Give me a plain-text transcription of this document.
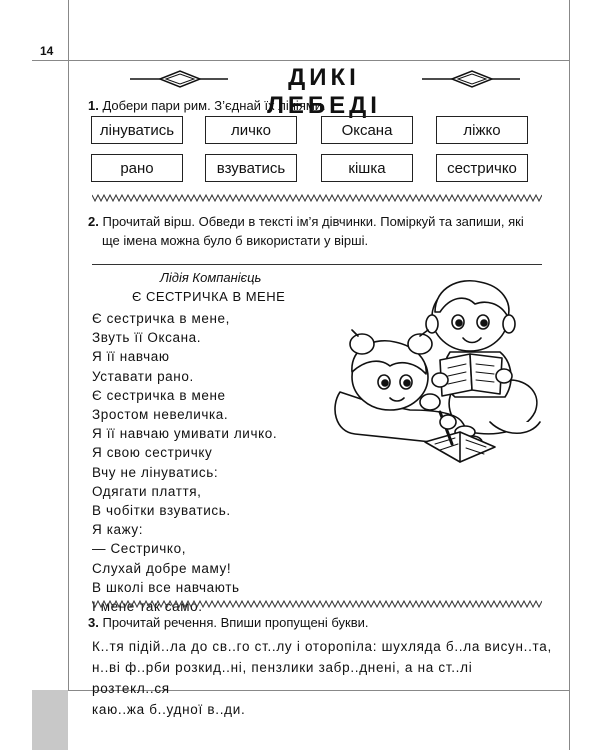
14
ДИКІ ЛЕБЕДІ
1. Добери пари рим. З’єднай їх лініями.
лінуватись	личко	Оксана	ліжко
рано	взуватись	кішка	сестричко
2. Прочитай вірш. Обведи в тексті ім’я дівчинки. Поміркуй та запиши, які
ще імена можна було б використати у вірші.
Лідія Компанієць
Є СЕСТРИЧКА В МЕНЕ
Є сестричка в мене,
Звуть її Оксана.
Я її навчаю
Уставати рано.
Є сестричка в мене
Зростом невеличка.
Я її навчаю умивати личко.
Я свою сестричку
Вчу не лінуватись:
Одягати плаття,
В чобітки взуватись.
Я кажу:
— Сестричко,
Слухай добре маму!
В школі все навчають
І мене так само.
3. Прочитай речення. Впиши пропущені букви.
К..тя підій..ла до св..го ст..лу і оторопіла: шухляда б..ла висун..та,
н..ві ф..рби розкид..ні, пензлики забр..днені, а на ст..лі розтекл..ся
каю..жа б..удної в..ди.
